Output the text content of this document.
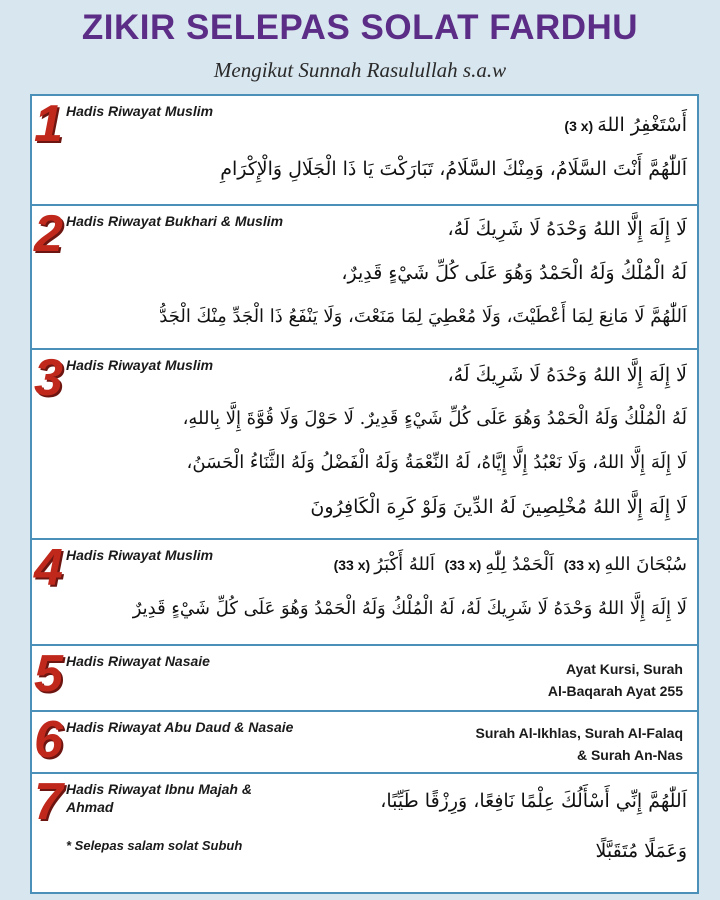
ZIKIR SELEPAS SOLAT FARDHU
Mengikut Sunnah Rasulullah s.a.w
1 Hadis Riwayat Muslim
أَسْتَغْفِرُ اللهَ(3 x)
اَللّٰهُمَّ أَنْتَ السَّلَامُ، وَمِنْكَ السَّلَامُ، تَبَارَكْتَ يَا ذَا الْجَلَالِ وَالْإِكْرَامِ
2 Hadis Riwayat Bukhari & Muslim	لَا إِلَهَ إِلَّا اللهُ وَحْدَهُ لَا شَرِيكَ لَهُ،
لَهُ الْمُلْكُ وَلَهُ الْحَمْدُ وَهُوَ عَلَى كُلِّ شَيْءٍ قَدِيرٌ،
اَللّٰهُمَّ لَا مَانِعَ لِمَا أَعْطَيْتَ، وَلَا مُعْطِيَ لِمَا مَنَعْتَ، وَلَا يَنْفَعُ ذَا الْجَدِّ مِنْكَ الْجَدُّ
3 Hadis Riwayat Muslim	لَا إِلَهَ إِلَّا اللهُ وَحْدَهُ لَا شَرِيكَ لَهُ،
لَهُ الْمُلْكُ وَلَهُ الْحَمْدُ وَهُوَ عَلَى كُلِّ شَيْءٍ قَدِيرٌ. لَا حَوْلَ وَلَا قُوَّةَ إِلَّا بِاللهِ،
لَا إِلَهَ إِلَّا اللهُ، وَلَا نَعْبُدُ إِلَّا إِيَّاهُ، لَهُ النِّعْمَةُ وَلَهُ الْفَضْلُ وَلَهُ الثَّنَاءُ الْحَسَنُ،
لَا إِلَهَ إِلَّا اللهُ مُخْلِصِينَ لَهُ الدِّينَ وَلَوْ كَرِهَ الْكَافِرُونَ
4 Hadis Riwayat Muslim	سُبْحَانَ اللهِ(33 x) اَلْحَمْدُ لِلّٰهِ(33 x) اَللهُ أَكْبَرُ(33 x)
لَا إِلَهَ إِلَّا اللهُ وَحْدَهُ لَا شَرِيكَ لَهُ، لَهُ الْمُلْكُ وَلَهُ الْحَمْدُ وَهُوَ عَلَى كُلِّ شَيْءٍ قَدِيرٌ
5 Hadis Riwayat Nasaie	Ayat Kursi, Surah
Al-Baqarah Ayat 255
6 Hadis Riwayat Abu Daud & Nasaie	Surah Al-Ikhlas, Surah Al-Falaq
& Surah An-Nas
7 Hadis Riwayat Ibnu Majah & Ahmad
* Selepas salam solat Subuh
اَللّٰهُمَّ إِنِّي أَسْأَلُكَ عِلْمًا نَافِعًا، وَرِزْقًا طَيِّبًا،
وَعَمَلًا مُتَقَبَّلًا
